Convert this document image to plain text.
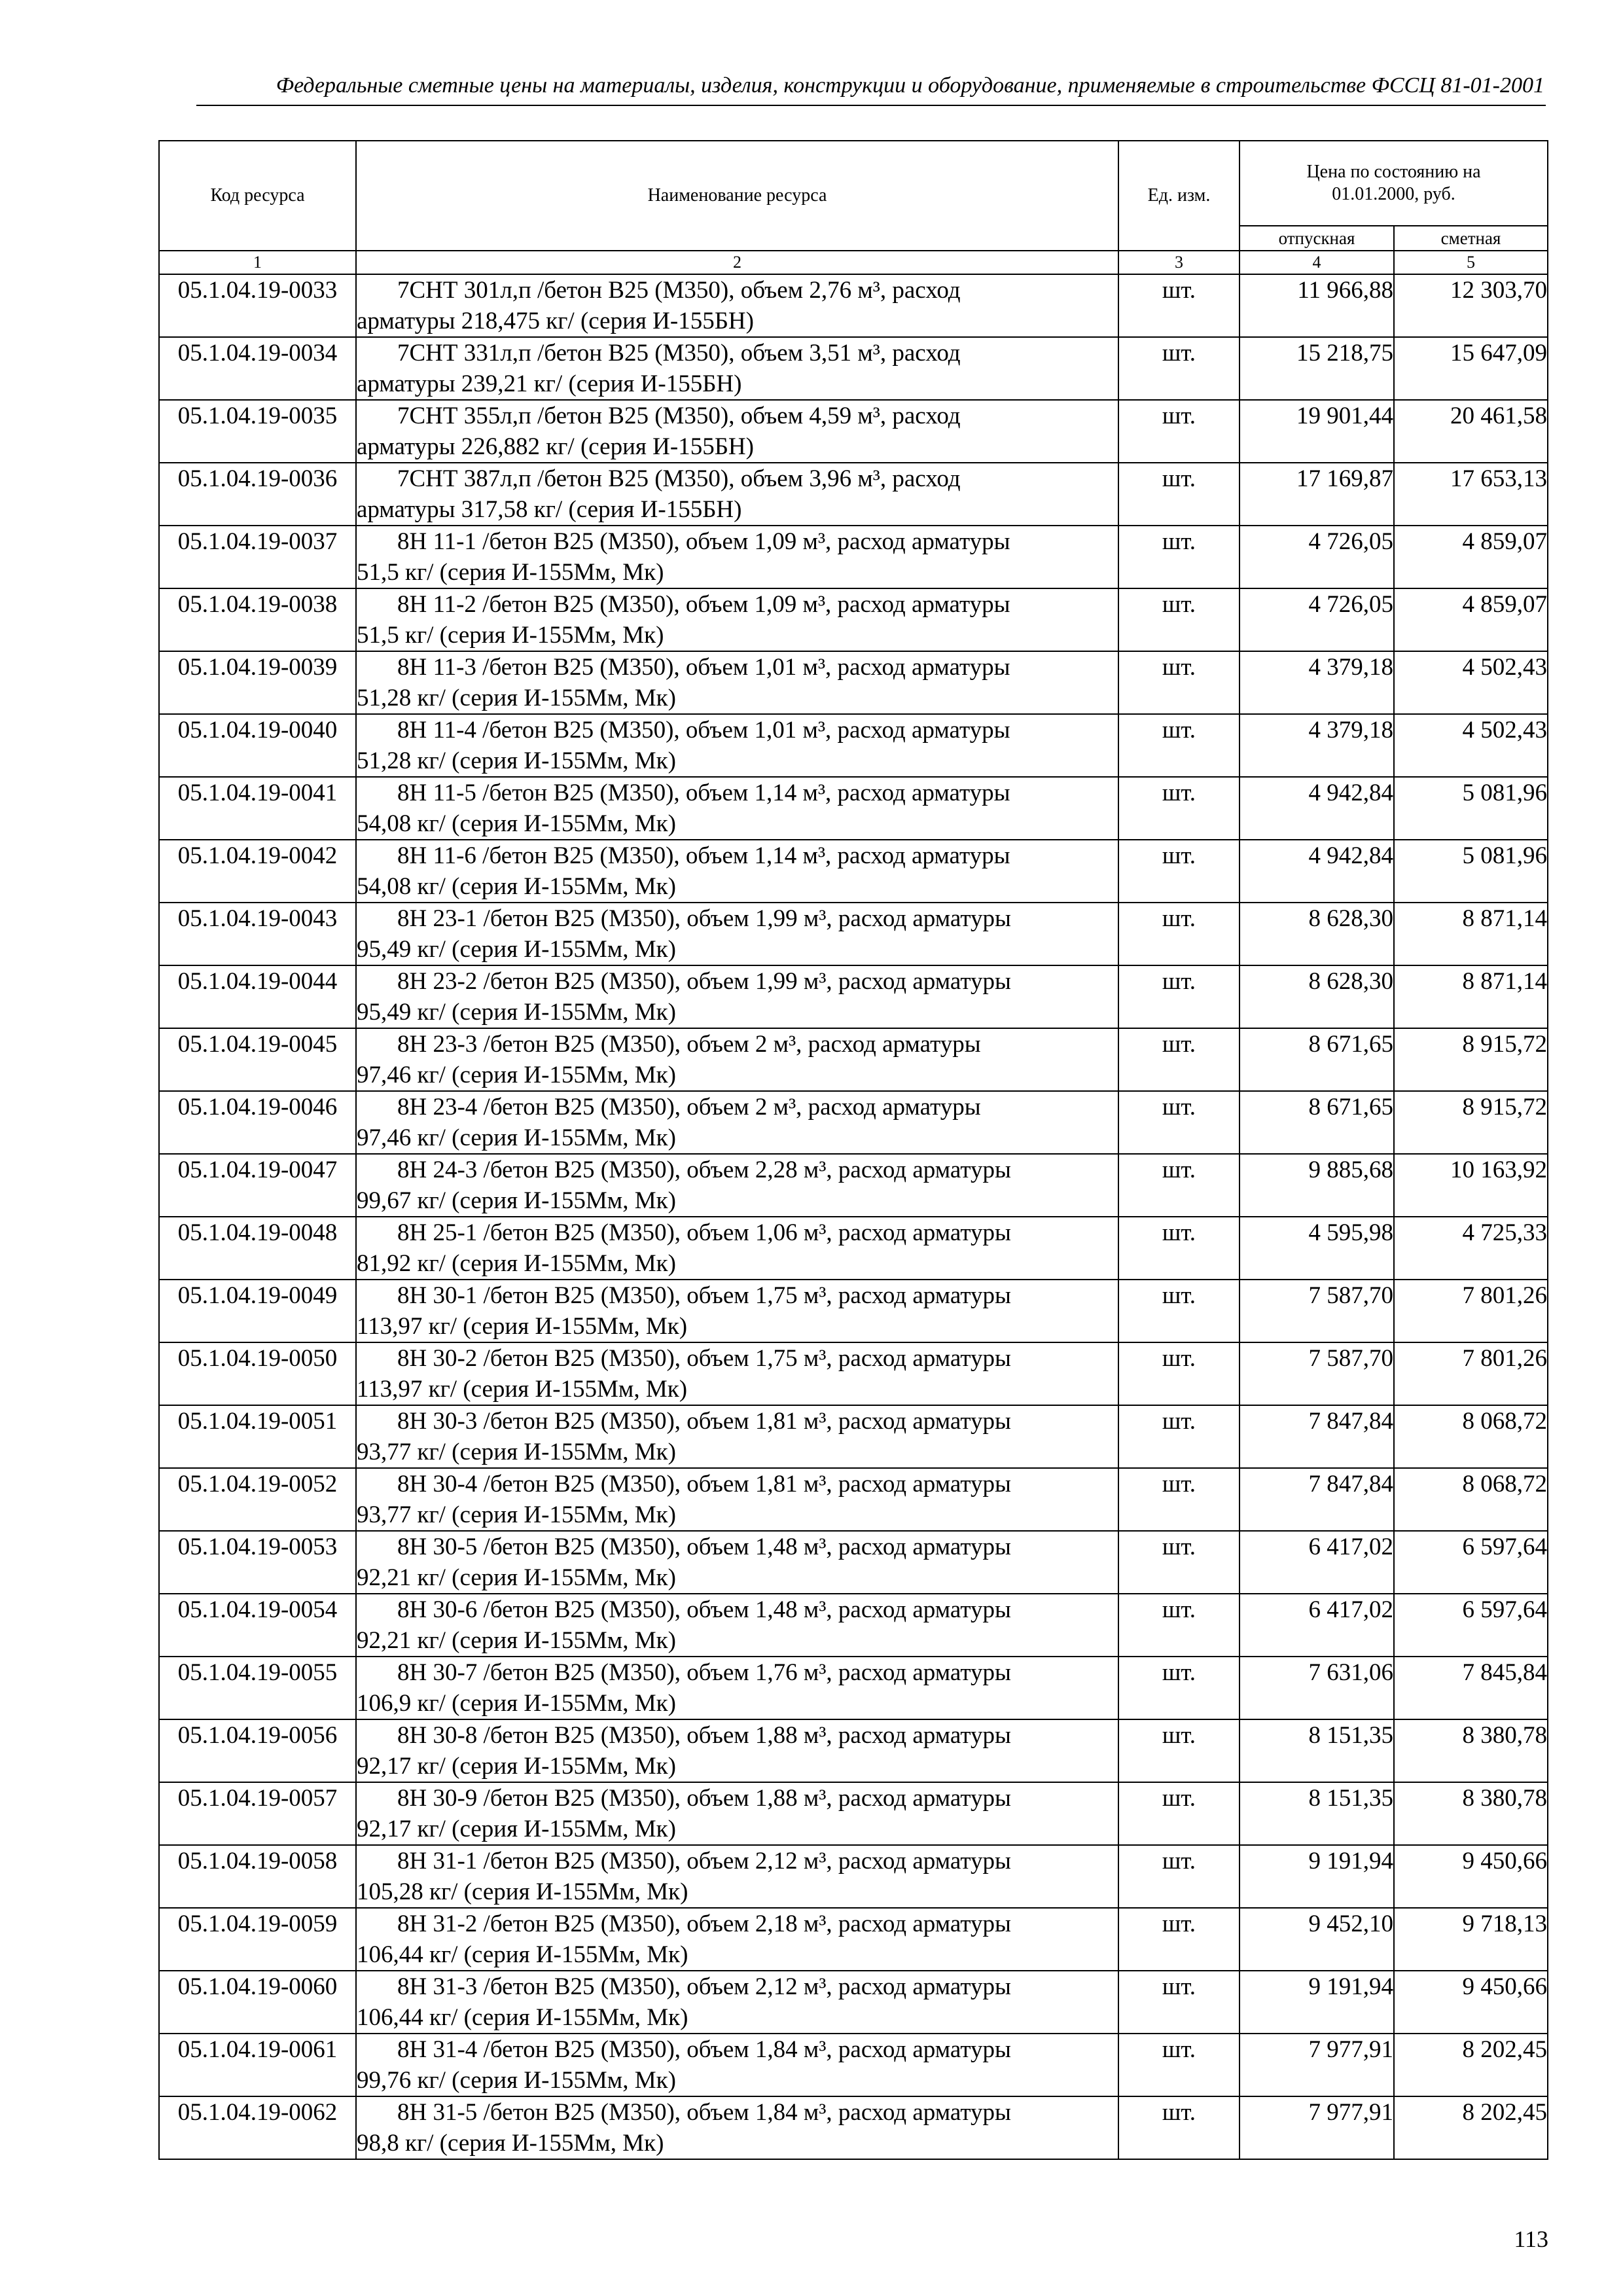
Федеральные сметные цены на материалы, изделия, конструкции и оборудование, применяемые в строительстве ФССЦ 81-01-2001
Код ресурса	Наименование ресурса	Ед. изм.	Цена по состоянию на 01.01.2000, руб.	
			отпускная	сметная
1	2	3	4	5
05.1.04.19-0033	7СНТ 301л,п /бетон В25 (М350), объем 2,76 м³, расход
арматуры 218,475 кг/ (серия И-155БН)	шт.	11 966,88	12 303,70
05.1.04.19-0034	7СНТ 331л,п /бетон В25 (М350), объем 3,51 м³, расход
арматуры 239,21 кг/ (серия И-155БН)	шт.	15 218,75	15 647,09
05.1.04.19-0035	7СНТ 355л,п /бетон В25 (М350), объем 4,59 м³, расход
арматуры 226,882 кг/ (серия И-155БН)	шт.	19 901,44	20 461,58
05.1.04.19-0036	7СНТ 387л,п /бетон В25 (М350), объем 3,96 м³, расход
арматуры 317,58 кг/ (серия И-155БН)	шт.	17 169,87	17 653,13
05.1.04.19-0037	8Н 11-1 /бетон В25 (М350), объем 1,09 м³, расход арматуры
51,5 кг/ (серия И-155Мм, Мк)	шт.	4 726,05	4 859,07
05.1.04.19-0038	8Н 11-2 /бетон В25 (М350), объем 1,09 м³, расход арматуры
51,5 кг/ (серия И-155Мм, Мк)	шт.	4 726,05	4 859,07
05.1.04.19-0039	8Н 11-3 /бетон В25 (М350), объем 1,01 м³, расход арматуры
51,28 кг/ (серия И-155Мм, Мк)	шт.	4 379,18	4 502,43
05.1.04.19-0040	8Н 11-4 /бетон В25 (М350), объем 1,01 м³, расход арматуры
51,28 кг/ (серия И-155Мм, Мк)	шт.	4 379,18	4 502,43
05.1.04.19-0041	8Н 11-5 /бетон В25 (М350), объем 1,14 м³, расход арматуры
54,08 кг/ (серия И-155Мм, Мк)	шт.	4 942,84	5 081,96
05.1.04.19-0042	8Н 11-6 /бетон В25 (М350), объем 1,14 м³, расход арматуры
54,08 кг/ (серия И-155Мм, Мк)	шт.	4 942,84	5 081,96
05.1.04.19-0043	8Н 23-1 /бетон В25 (М350), объем 1,99 м³, расход арматуры
95,49 кг/ (серия И-155Мм, Мк)	шт.	8 628,30	8 871,14
05.1.04.19-0044	8Н 23-2 /бетон В25 (М350), объем 1,99 м³, расход арматуры
95,49 кг/ (серия И-155Мм, Мк)	шт.	8 628,30	8 871,14
05.1.04.19-0045	8Н 23-3 /бетон В25 (М350), объем 2 м³, расход арматуры
97,46 кг/ (серия И-155Мм, Мк)	шт.	8 671,65	8 915,72
05.1.04.19-0046	8Н 23-4 /бетон В25 (М350), объем 2 м³, расход арматуры
97,46 кг/ (серия И-155Мм, Мк)	шт.	8 671,65	8 915,72
05.1.04.19-0047	8Н 24-3 /бетон В25 (М350), объем 2,28 м³, расход арматуры
99,67 кг/ (серия И-155Мм, Мк)	шт.	9 885,68	10 163,92
05.1.04.19-0048	8Н 25-1 /бетон В25 (М350), объем 1,06 м³, расход арматуры
81,92 кг/ (серия И-155Мм, Мк)	шт.	4 595,98	4 725,33
05.1.04.19-0049	8Н 30-1 /бетон В25 (М350), объем 1,75 м³, расход арматуры
113,97 кг/ (серия И-155Мм, Мк)	шт.	7 587,70	7 801,26
05.1.04.19-0050	8Н 30-2 /бетон В25 (М350), объем 1,75 м³, расход арматуры
113,97 кг/ (серия И-155Мм, Мк)	шт.	7 587,70	7 801,26
05.1.04.19-0051	8Н 30-3 /бетон В25 (М350), объем 1,81 м³, расход арматуры
93,77 кг/ (серия И-155Мм, Мк)	шт.	7 847,84	8 068,72
05.1.04.19-0052	8Н 30-4 /бетон В25 (М350), объем 1,81 м³, расход арматуры
93,77 кг/ (серия И-155Мм, Мк)	шт.	7 847,84	8 068,72
05.1.04.19-0053	8Н 30-5 /бетон В25 (М350), объем 1,48 м³, расход арматуры
92,21 кг/ (серия И-155Мм, Мк)	шт.	6 417,02	6 597,64
05.1.04.19-0054	8Н 30-6 /бетон В25 (М350), объем 1,48 м³, расход арматуры
92,21 кг/ (серия И-155Мм, Мк)	шт.	6 417,02	6 597,64
05.1.04.19-0055	8Н 30-7 /бетон В25 (М350), объем 1,76 м³, расход арматуры
106,9 кг/ (серия И-155Мм, Мк)	шт.	7 631,06	7 845,84
05.1.04.19-0056	8Н 30-8 /бетон В25 (М350), объем 1,88 м³, расход арматуры
92,17 кг/ (серия И-155Мм, Мк)	шт.	8 151,35	8 380,78
05.1.04.19-0057	8Н 30-9 /бетон В25 (М350), объем 1,88 м³, расход арматуры
92,17 кг/ (серия И-155Мм, Мк)	шт.	8 151,35	8 380,78
05.1.04.19-0058	8Н 31-1 /бетон В25 (М350), объем 2,12 м³, расход арматуры
105,28 кг/ (серия И-155Мм, Мк)	шт.	9 191,94	9 450,66
05.1.04.19-0059	8Н 31-2 /бетон В25 (М350), объем 2,18 м³, расход арматуры
106,44 кг/ (серия И-155Мм, Мк)	шт.	9 452,10	9 718,13
05.1.04.19-0060	8Н 31-3 /бетон В25 (М350), объем 2,12 м³, расход арматуры
106,44 кг/ (серия И-155Мм, Мк)	шт.	9 191,94	9 450,66
05.1.04.19-0061	8Н 31-4 /бетон В25 (М350), объем 1,84 м³, расход арматуры
99,76 кг/ (серия И-155Мм, Мк)	шт.	7 977,91	8 202,45
05.1.04.19-0062	8Н 31-5 /бетон В25 (М350), объем 1,84 м³, расход арматуры
98,8 кг/ (серия И-155Мм, Мк)	шт.	7 977,91	8 202,45
113
